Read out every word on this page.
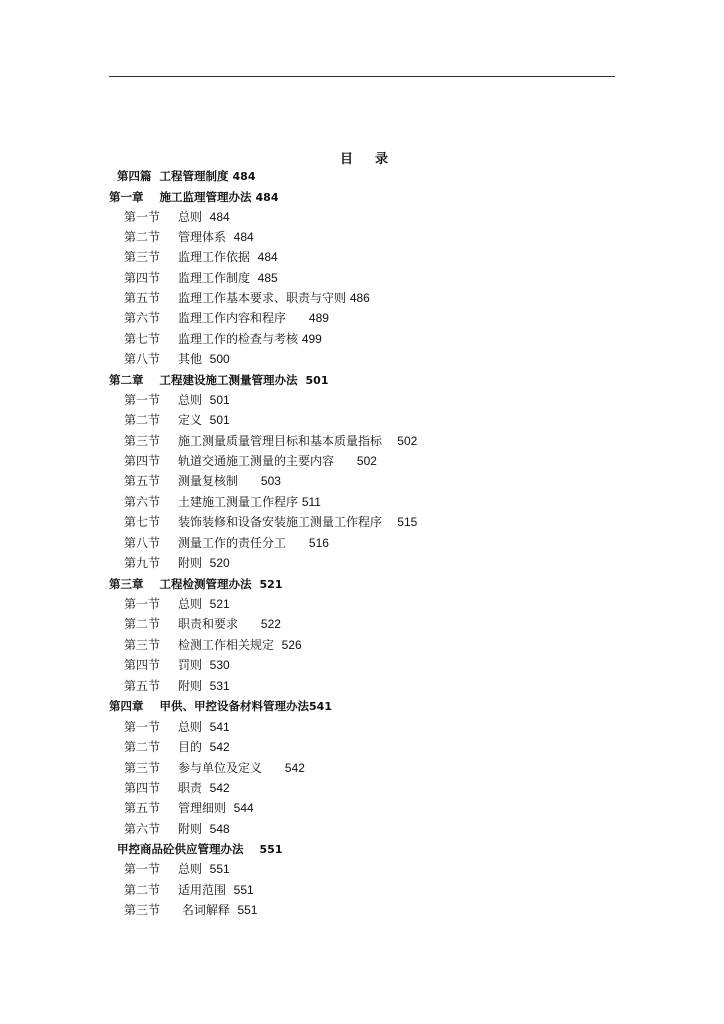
目 录
第四篇  工程管理制度 484
第一章    施工监理管理办法 484
第一节 总则  484
第二节 管理体系  484
第三节 监理工作依据  484
第四节 监理工作制度  485
第五节 监理工作基本要求、职责与守则 486
第六节 监理工作内容和程序      489
第七节 监理工作的检查与考核 499
第八节 其他  500
第二章    工程建设施工测量管理办法  501
第一节 总则  501
第二节 定义  501
第三节 施工测量质量管理目标和基本质量指标    502
第四节 轨道交通施工测量的主要内容      502
第五节 测量复核制      503
第六节 土建施工测量工作程序 511
第七节 装饰装修和设备安装施工测量工作程序    515
第八节 测量工作的责任分工      516
第九节 附则  520
第三章    工程检测管理办法  521
第一节 总则  521
第二节 职责和要求      522
第三节 检测工作相关规定  526
第四节 罚则  530
第五节 附则  531
第四章    甲供、甲控设备材料管理办法541
第一节 总则  541
第二节 目的  542
第三节 参与单位及定义      542
第四节 职责  542
第五节 管理细则  544
第六节 附则  548
甲控商品砼供应管理办法    551
第一节 总则  551
第二节 适用范围  551
第三节 名词解释  551
